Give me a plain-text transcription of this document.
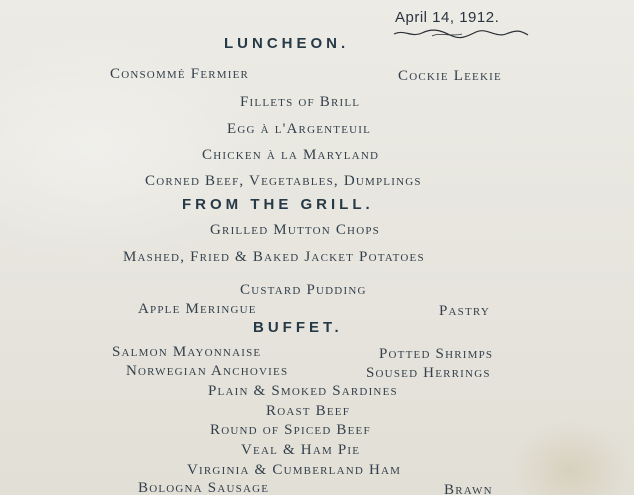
April 14, 1912.
LUNCHEON.
Consommé Fermier	Cockie Leekie
Fillets of Brill
Egg à l'Argenteuil
Chicken à la Maryland
Corned Beef, Vegetables, Dumplings
FROM THE GRILL.
Grilled Mutton Chops
Mashed, Fried & Baked Jacket Potatoes
Custard Pudding
Apple Meringue	Pastry
BUFFET.
Salmon Mayonnaise	Potted Shrimps
Norwegian Anchovies	Soused Herrings
Plain & Smoked Sardines
Roast Beef
Round of Spiced Beef
Veal & Ham Pie
Virginia & Cumberland Ham
Bologna Sausage	Brawn
